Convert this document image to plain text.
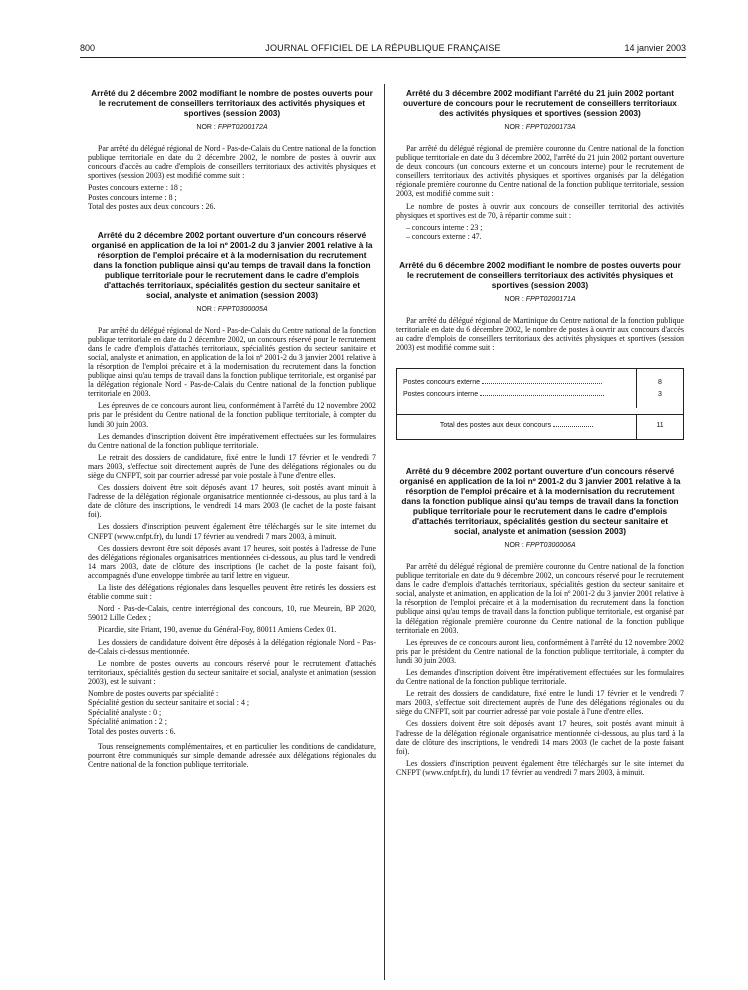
800	JOURNAL OFFICIEL DE LA RÉPUBLIQUE FRANÇAISE	14 janvier 2003
Arrêté du 2 décembre 2002 modifiant le nombre de postes ouverts pour le recrutement de conseillers territoriaux des activités physiques et sportives (session 2003)
NOR : FPPT0200172A

Par arrêté du délégué régional de Nord - Pas-de-Calais du Centre national de la fonction publique territoriale en date du 2 décembre 2002, le nombre de postes à ouvrir aux concours d'accès au cadre d'emplois de conseillers territoriaux des activités physiques et sportives (session 2003) est modifié comme suit :

Postes concours externe : 18 ;

Postes concours interne : 8 ;

Total des postes aux deux concours : 26.

Arrêté du 2 décembre 2002 portant ouverture d'un concours réservé organisé en application de la loi nº 2001-2 du 3 janvier 2001 relative à la résorption de l'emploi précaire et à la modernisation du recrutement dans la fonction publique ainsi qu'au temps de travail dans la fonction publique territoriale pour le recrutement dans le cadre d'emplois d'attachés territoriaux, spécialités gestion du secteur sanitaire et social, analyste et animation (session 2003)
NOR : FPPT0300005A

Par arrêté du délégué régional de Nord - Pas-de-Calais du Centre national de la fonction publique territoriale en date du 2 décembre 2002, un concours réservé pour le recrutement dans le cadre d'emplois d'attachés territoriaux, spécialités gestion du secteur sanitaire et social, analyste et animation, en application de la loi nº 2001-2 du 3 janvier 2001 relative à la résorption de l'emploi précaire et à la modernisation du recrutement dans la fonction publique ainsi qu'au temps de travail dans la fonction publique territoriale, est organisé par la délégation régionale Nord - Pas-de-Calais du Centre national de la fonction publique territoriale en 2003.

Les épreuves de ce concours auront lieu, conformément à l'arrêté du 12 novembre 2002 pris par le président du Centre national de la fonction publique territoriale, à compter du lundi 30 juin 2003.

Les demandes d'inscription doivent être impérativement effectuées sur les formulaires du Centre national de la fonction publique territoriale.

Le retrait des dossiers de candidature, fixé entre le lundi 17 février et le vendredi 7 mars 2003, s'effectue soit directement auprès de l'une des délégations régionales ou du siège du CNFPT, soit par courrier adressé par voie postale à l'une d'entre elles.

Ces dossiers doivent être soit déposés avant 17 heures, soit postés avant minuit à l'adresse de la délégation régionale organisatrice mentionnée ci-dessous, au plus tard à la date de clôture des inscriptions, le vendredi 14 mars 2003 (le cachet de la poste faisant foi).

Les dossiers d'inscription peuvent également être téléchargés sur le site internet du CNFPT (www.cnfpt.fr), du lundi 17 février au vendredi 7 mars 2003, à minuit.

Ces dossiers devront être soit déposés avant 17 heures, soit postés à l'adresse de l'une des délégations régionales organisatrices mentionnées ci-dessous, au plus tard le vendredi 14 mars 2003, date de clôture des inscriptions (le cachet de la poste faisant foi), accompagnés d'une enveloppe timbrée au tarif lettre en vigueur.

La liste des délégations régionales dans lesquelles peuvent être retirés les dossiers est établie comme suit :

Nord - Pas-de-Calais, centre interrégional des concours, 10, rue Meurein, BP 2020, 59012 Lille Cedex ;

Picardie, site Friant, 190, avenue du Général-Foy, 80011 Amiens Cedex 01.

Les dossiers de candidature doivent être déposés à la délégation régionale Nord - Pas-de-Calais ci-dessus mentionnée.

Le nombre de postes ouverts au concours réservé pour le recrutement d'attachés territoriaux, spécialités gestion du secteur sanitaire et social, analyste et animation (session 2003), est le suivant :

Nombre de postes ouverts par spécialité :

Spécialité gestion du secteur sanitaire et social : 4 ;

Spécialité analyste : 0 ;

Spécialité animation : 2 ;

Total des postes ouverts : 6.

Tous renseignements complémentaires, et en particulier les conditions de candidature, pourront être communiqués sur simple demande adressée aux délégations régionales du Centre national de la fonction publique territoriale.

Arrêté du 3 décembre 2002 modifiant l'arrêté du 21 juin 2002 portant ouverture de concours pour le recrutement de conseillers territoriaux des activités physiques et sportives (session 2003)
NOR : FPPT0200173A

Par arrêté du délégué régional de première couronne du Centre national de la fonction publique territoriale en date du 3 décembre 2002, l'arrêté du 21 juin 2002 portant ouverture de deux concours (un concours externe et un concours interne) pour le recrutement de conseillers territoriaux des activités physiques et sportives organisés par la délégation régionale première couronne du Centre national de la fonction publique territoriale, session 2003, est modifié comme suit :

Le nombre de postes à ouvrir aux concours de conseiller territorial des activités physiques et sportives est de 70, à répartir comme suit :

– concours interne : 23 ;

– concours externe : 47.

Arrêté du 6 décembre 2002 modifiant le nombre de postes ouverts pour le recrutement de conseillers territoriaux des activités physiques et sportives (session 2003)
NOR : FPPT0200171A

Par arrêté du délégué régional de Martinique du Centre national de la fonction publique territoriale en date du 6 décembre 2002, le nombre de postes à ouvrir aux concours d'accès au cadre d'emplois de conseillers territoriaux des activités physiques et sportives (session 2003) est modifié comme suit :

Postes concours externe	8
Postes concours interne	3
Total des postes aux deux concours	11
Arrêté du 9 décembre 2002 portant ouverture d'un concours réservé organisé en application de la loi nº 2001-2 du 3 janvier 2001 relative à la résorption de l'emploi précaire et à la modernisation du recrutement dans la fonction publique ainsi qu'au temps de travail dans la fonction publique territoriale pour le recrutement dans le cadre d'emplois d'attachés territoriaux, spécialités gestion du secteur sanitaire et social, analyste et animation (session 2003)
NOR : FPPT0300006A

Par arrêté du délégué régional de première couronne du Centre national de la fonction publique territoriale en date du 9 décembre 2002, un concours réservé pour le recrutement dans le cadre d'emplois d'attachés territoriaux, spécialités gestion du secteur sanitaire et social, analyste et animation, en application de la loi nº 2001-2 du 3 janvier 2001 relative à la résorption de l'emploi précaire et à la modernisation du recrutement dans la fonction publique ainsi qu'au temps de travail dans la fonction publique territoriale, est organisé par la délégation régionale première couronne du Centre national de la fonction publique territoriale en 2003.

Les épreuves de ce concours auront lieu, conformément à l'arrêté du 12 novembre 2002 pris par le président du Centre national de la fonction publique territoriale, à compter du lundi 30 juin 2003.

Les demandes d'inscription doivent être impérativement effectuées sur les formulaires du Centre national de la fonction publique territoriale.

Le retrait des dossiers de candidature, fixé entre le lundi 17 février et le vendredi 7 mars 2003, s'effectue soit directement auprès de l'une des délégations régionales ou du siège du CNFPT, soit par courrier adressé par voie postale à l'une d'entre elles.

Ces dossiers doivent être soit déposés avant 17 heures, soit postés avant minuit à l'adresse de la délégation régionale organisatrice mentionnée ci-dessous, au plus tard à la date de clôture des inscriptions, le vendredi 14 mars 2003 (le cachet de la poste faisant foi).

Les dossiers d'inscription peuvent également être téléchargés sur le site internet du CNFPT (www.cnfpt.fr), du lundi 17 février au vendredi 7 mars 2003, à minuit.
